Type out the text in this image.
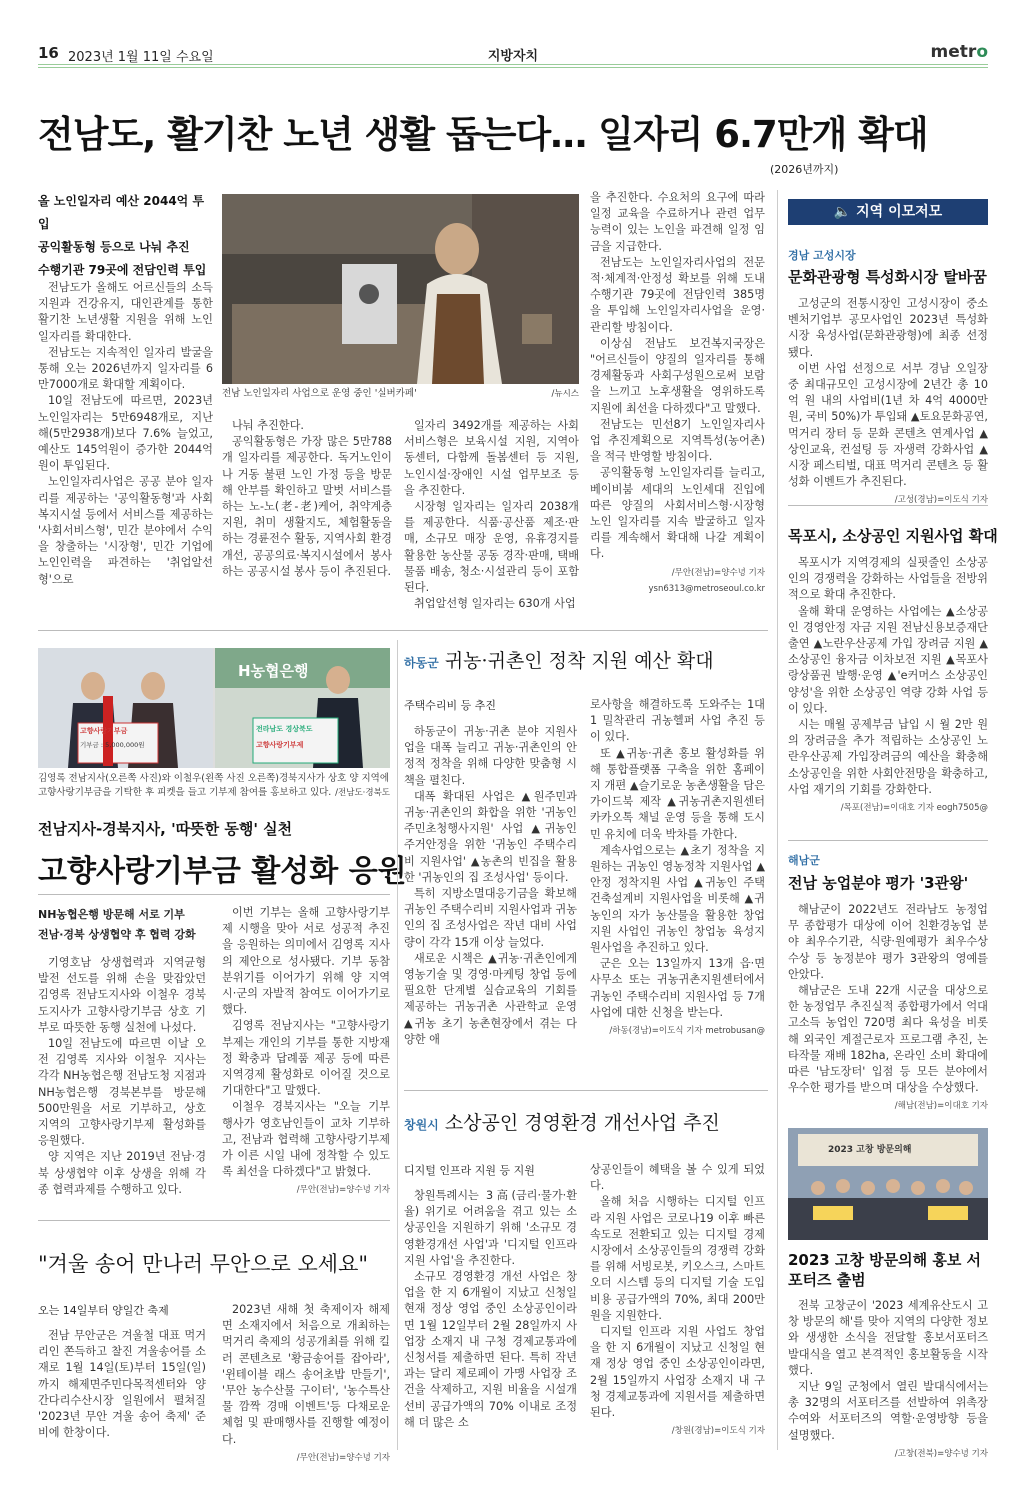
16 2023년 1월 11일 수요일	지방자치	metro
전남도, 활기찬 노년 생활 돕는다… 일자리 6.7만개 확대
(2026년까지)
올 노인일자리 예산 2044억 투입
공익활동형 등으로 나눠 추진
수행기관 79곳에 전담인력 투입

전남도가 올해도 어르신들의 소득지원과 건강유지, 대인관계를 통한 활기찬 노년생활 지원을 위해 노인일자리를 확대한다.

전남도는 지속적인 일자리 발굴을 통해 오는 2026년까지 일자리를 6만7000개로 확대할 계획이다.

10일 전남도에 따르면, 2023년 노인일자리는 5만6948개로, 지난해(5만2938개)보다 7.6% 늘었고, 예산도 145억원이 증가한 2044억원이 투입된다.

노인일자리사업은 공공 분야 일자리를 제공하는 '공익활동형'과 사회복지시설 등에서 서비스를 제공하는 '사회서비스형', 민간 분야에서 수익을 창출하는 '시장형', 민간 기업에 노인인력을 파견하는 '취업알선형'으로

전남 노인일자리 사업으로 운영 중인 '실버카페'	/뉴시스

나눠 추진한다.

공익활동형은 가장 많은 5만788개 일자리를 제공한다. 독거노인이나 거동 불편 노인 가정 등을 방문해 안부를 확인하고 말벗 서비스를 하는 노-노(老-老)케어, 취약계층 지원, 취미 생활지도, 체험활동을 하는 경륜전수 활동, 지역사회 환경 개선, 공공의료·복지시설에서 봉사하는 공공시설 봉사 등이 추진된다.

일자리 3492개를 제공하는 사회서비스형은 보육시설 지원, 지역아동센터, 다함께 돌봄센터 등 지원, 노인시설·장애인 시설 업무보조 등을 추진한다.

시장형 일자리는 일자리 2038개를 제공한다. 식품·공산품 제조·판매, 소규모 매장 운영, 유휴경지를 활용한 농산물 공동 경작·판매, 택배 물품 배송, 청소·시설관리 등이 포함된다.

취업알선형 일자리는 630개 사업

을 추진한다. 수요처의 요구에 따라 일정 교육을 수료하거나 관련 업무능력이 있는 노인을 파견해 일정 임금을 지급한다.

전남도는 노인일자리사업의 전문적·체계적·안정성 확보를 위해 도내 수행기관 79곳에 전담인력 385명을 투입해 노인일자리사업을 운영·관리할 방침이다.

이상심 전남도 보건복지국장은 "어르신들이 양질의 일자리를 통해 경제활동과 사회구성원으로써 보람을 느끼고 노후생활을 영위하도록 지원에 최선을 다하겠다"고 말했다.

전남도는 민선8기 노인일자리사업 추진계획으로 지역특성(농어촌)을 적극 반영할 방침이다.

공익활동형 노인일자리를 늘리고, 베이비붐 세대의 노인세대 진입에 따른 양질의 사회서비스형·시장형 노인 일자리를 지속 발굴하고 일자리를 계속해서 확대해 나갈 계획이다.

/무안(전남)=양수녕 기자 ysn6313@metroseoul.co.kr
고향사랑기부금
기부금 : 5,000,000원
전라남도 경상북도
고향사랑기부제
H농협은행
김영록 전남지사(오른쪽 사진)와 이철우(왼쪽 사진 오른쪽)경북지사가 상호 양 지역에 고향사랑기부금을 기탁한 후 피켓을 들고 기부제 참여를 홍보하고 있다. /전남도·경북도
전남지사-경북지사, '따뜻한 동행' 실천
고향사랑기부금 활성화 응원
NH농협은행 방문해 서로 기부
전남·경북 상생협약 후 협력 강화

기영호남 상생협력과 지역균형발전 선도를 위해 손을 맞잡았던 김영록 전남도지사와 이철우 경북도지사가 고향사랑기부금 상호 기부로 따뜻한 동행 실천에 나섰다.

10일 전남도에 따르면 이날 오전 김영록 지사와 이철우 지사는 각각 NH농협은행 전남도청 지점과 NH농협은행 경북본부를 방문해 500만원을 서로 기부하고, 상호 지역의 고향사랑기부제 활성화를 응원했다.

양 지역은 지난 2019년 전남·경북 상생협약 이후 상생을 위해 각종 협력과제를 수행하고 있다.

이번 기부는 올해 고향사랑기부제 시행을 맞아 서로 성공적 추진을 응원하는 의미에서 김영록 지사의 제안으로 성사됐다. 기부 동참 분위기를 이어가기 위해 양 지역 시·군의 자발적 참여도 이어가기로 했다.

김영록 전남지사는 "고향사랑기부제는 개인의 기부를 통한 지방재정 확충과 답례품 제공 등에 따른 지역경제 활성화로 이어질 것으로 기대한다"고 말했다.

이철우 경북지사는 "오늘 기부 행사가 영호남인들이 교차 기부하고, 전남과 협력해 고향사랑기부제가 이른 시일 내에 정착할 수 있도록 최선을 다하겠다"고 밝혔다.

/무안(전남)=양수녕 기자
"겨울 송어 만나러 무안으로 오세요"
오는 14일부터 양일간 축제

전남 무안군은 겨울철 대표 먹거리인 쫀득하고 찰진 겨울송어를 소재로 1월 14일(토)부터 15일(일)까지 해제면주민다목적센터와 양간다리수산시장 일원에서 펼쳐질 '2023년 무안 겨울 송어 축제' 준비에 한창이다.

2023년 새해 첫 축제이자 해제면 소재지에서 처음으로 개최하는 먹거리 축제의 성공개최를 위해 킬러 콘텐츠로 '황금송어를 잡아라', '윈테이블 래스 송어초밥 만들기', '무안 농수산물 구이터', '농수특산물 깜짝 경매 이벤트'등 다채로운 체험 및 판매행사를 진행할 예정이다.

/무안(전남)=양수녕 기자
하동군 귀농·귀촌인 정착 지원 예산 확대
주택수리비 등 추진

하동군이 귀농·귀촌 분야 지원사업을 대폭 늘리고 귀농·귀촌인의 안정적 정착을 위해 다양한 맞춤형 시책을 펼친다.

대폭 확대된 사업은 ▲원주민과 귀농·귀촌인의 화합을 위한 '귀농인 주민초청행사지원' 사업 ▲귀농인 주거안정을 위한 '귀농인 주택수리비 지원사업' ▲농촌의 빈집을 활용한 '귀농인의 집 조성사업' 등이다.

특히 지방소멸대응기금을 확보해 귀농인 주택수리비 지원사업과 귀농인의 집 조성사업은 작년 대비 사업량이 각각 15개 이상 늘었다.

새로운 시책은 ▲귀농·귀촌인에게 영농기술 및 경영·마케팅 창업 등에 필요한 단계별 실습교육의 기회를 제공하는 귀농귀촌 사관학교 운영 ▲귀농 초기 농촌현장에서 겪는 다양한 애

로사항을 해결하도록 도와주는 1대 1 밀착관리 귀농헬퍼 사업 추진 등이 있다.

또 ▲귀농·귀촌 홍보 활성화를 위해 통합플랫폼 구축을 위한 홈페이지 개편 ▲슬기로운 농촌생활을 담은 가이드북 제작 ▲귀농귀촌지원센터 카카오톡 채널 운영 등을 통해 도시민 유치에 더욱 박차를 가한다.

계속사업으로는 ▲초기 정착을 지원하는 귀농인 영농정착 지원사업 ▲안정 정착지원 사업 ▲귀농인 주택 건축설계비 지원사업을 비롯해 ▲귀농인의 자가 농산물을 활용한 창업지원 사업인 귀농인 창업농 육성지원사업을 추진하고 있다.

군은 오는 13일까지 13개 읍·면사무소 또는 귀농귀촌지원센터에서 귀농인 주택수리비 지원사업 등 7개 사업에 대한 신청을 받는다.

/하동(경남)=이도식 기자 metrobusan@
창원시 소상공인 경영환경 개선사업 추진
디지털 인프라 지원 등 지원

창원특례시는 3高(금리·물가·환율) 위기로 어려움을 겪고 있는 소상공인을 지원하기 위해 '소규모 경영환경개선 사업'과 '디지털 인프라 지원 사업'을 추진한다.

소규모 경영환경 개선 사업은 창업을 한 지 6개월이 지났고 신청일 현재 정상 영업 중인 소상공인이라면 1월 12일부터 2월 28일까지 사업장 소재지 내 구청 경제교통과에 신청서를 제출하면 된다. 특히 작년과는 달리 제로페이 가맹 사업장 조건을 삭제하고, 지원 비율을 시설개선비 공급가액의 70% 이내로 조정해 더 많은 소

상공인들이 혜택을 볼 수 있게 되었다.

올해 처음 시행하는 디지털 인프라 지원 사업은 코로나19 이후 빠른 속도로 전환되고 있는 디지털 경제 시장에서 소상공인들의 경쟁력 강화를 위해 서빙로봇, 키오스크, 스마트오더 시스템 등의 디지털 기술 도입 비용 공급가액의 70%, 최대 200만원을 지원한다.

디지털 인프라 지원 사업도 창업을 한 지 6개월이 지났고 신청일 현재 정상 영업 중인 소상공인이라면, 2월 15일까지 사업장 소재지 내 구청 경제교통과에 지원서를 제출하면 된다.

/창원(경남)=이도식 기자
🔈 지역 이모저모
경남 고성시장
문화관광형 특성화시장 탈바꿈

고성군의 전통시장인 고성시장이 중소벤처기업부 공모사업인 2023년 특성화시장 육성사업(문화관광형)에 최종 선정됐다.

이번 사업 선정으로 서부 경남 오일장 중 최대규모인 고성시장에 2년간 총 10억 원 내의 사업비(1년 차 4억 4000만 원, 국비 50%)가 투입돼 ▲토요문화공연, 먹거리 장터 등 문화 콘텐츠 연계사업 ▲상인교육, 컨설팅 등 자생력 강화사업 ▲시장 페스티벌, 대표 먹거리 콘텐츠 등 활성화 이벤트가 추진된다.

/고성(경남)=이도식 기자
목포시, 소상공인 지원사업 확대

목포시가 지역경제의 실핏줄인 소상공인의 경쟁력을 강화하는 사업들을 전방위적으로 확대 추진한다.

올해 확대 운영하는 사업에는 ▲소상공인 경영안정 자금 지원 전남신용보증재단 출연 ▲노란우산공제 가입 장려금 지원 ▲소상공인 융자금 이차보전 지원 ▲목포사랑상품권 발행·운영 ▲'e커머스 소상공인 양성'을 위한 소상공인 역량 강화 사업 등이 있다.

시는 매월 공제부금 납입 시 월 2만 원의 장려금을 추가 적립하는 소상공인 노란우산공제 가입장려금의 예산을 확충해 소상공인을 위한 사회안전망을 확충하고, 사업 재기의 기회를 강화한다.

/목포(전남)=이대호 기자 eogh7505@
해남군
전남 농업분야 평가 '3관왕'

해남군이 2022년도 전라남도 농정업무 종합평가 대상에 이어 친환경농업 분야 최우수기관, 식량·원예평가 최우수상 수상 등 농정분야 평가 3관왕의 영예를 안았다.

해남군은 도내 22개 시군을 대상으로 한 농정업무 추진실적 종합평가에서 억대 고소득 농업인 720명 최다 육성을 비롯해 외국인 계절근로자 프로그램 추진, 논 타작물 재배 182ha, 온라인 소비 확대에 따른 '남도장터' 입점 등 모든 분야에서 우수한 평가를 받으며 대상을 수상했다.

/해남(전남)=이대호 기자
2023 고창 방문의해
2023 고창 방문의해 홍보 서포터즈 출범

전북 고창군이 '2023 세계유산도시 고창 방문의 해'를 맞아 지역의 다양한 정보와 생생한 소식을 전달할 홍보서포터즈 발대식을 열고 본격적인 홍보활동을 시작했다.

지난 9일 군청에서 열린 발대식에서는 총 32명의 서포터즈를 선발하여 위촉장 수여와 서포터즈의 역할·운영방향 등을 설명했다.

/고창(전북)=양수녕 기자
